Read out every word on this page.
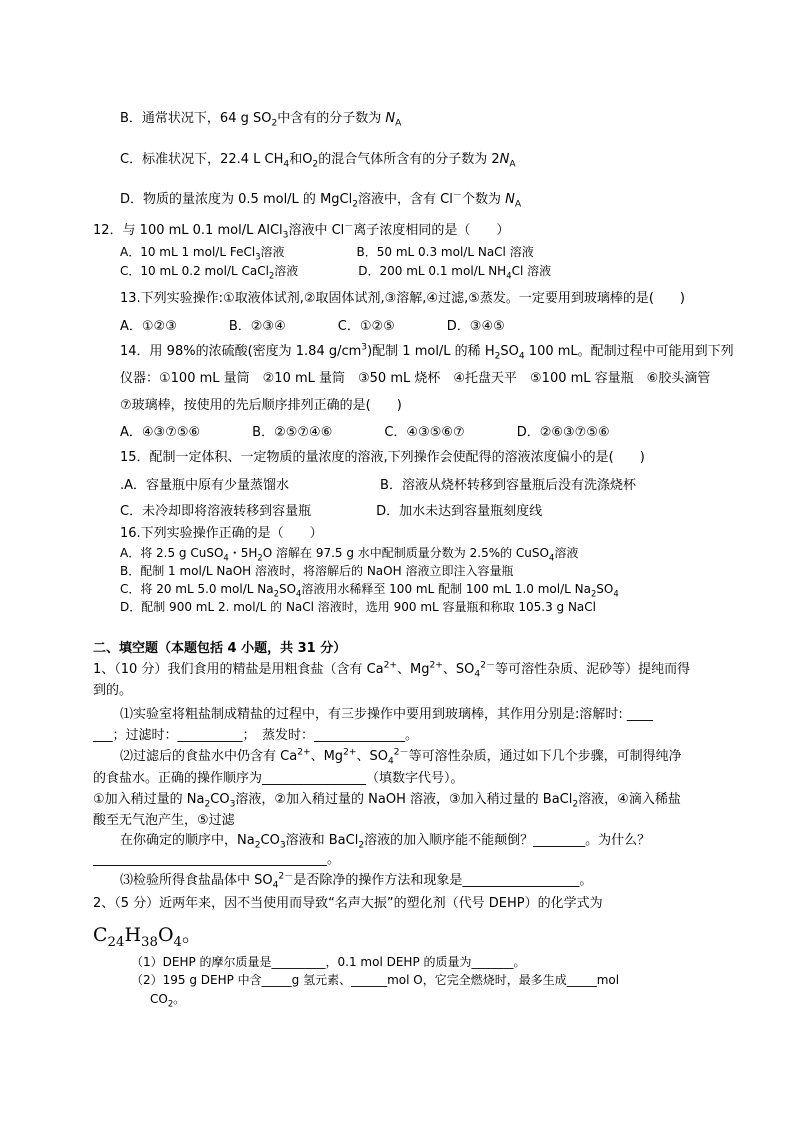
B．通常状况下，64 g $SO_2$中含有的分子数为 $N_A$
C．标准状况下，22.4 L $CH_4$和$O_2$的混合气体所含有的分子数为 $2N_A$
D．物质的量浓度为 0.5 mol/L 的 MgCl$_2$溶液中，含有 Cl－个数为 $N_A$
12．与 100 mL 0.1 mol/L AlCl$_3$溶液中 Cl－离子浓度相同的是（　　）
A．10 mL 1 mol/L FeCl$_3$溶液　　　　　　B．50 mL 0.3 mol/L NaCl 溶液
C．10 mL 0.2 mol/L CaCl$_2$溶液　　　　　D．200 mL 0.1 mol/L $NH_4Cl$ 溶液
13.下列实验操作:①取液体试剂,②取固体试剂,③溶解,④过滤,⑤蒸发。一定要用到玻璃棒的是(　　)
A．①②③　　　　B．②③④　　　　C．①②⑤　　　　D．③④⑤
14．用 98%的浓硫酸(密度为 1.84 $g/cm^3$)配制 1 mol/L 的稀 $H_2SO_4$ 100 mL。配制过程中可能用到下列
仪器：①100 mL 量筒　②10 mL 量筒　③50 mL 烧杯　④托盘天平　⑤100 mL 容量瓶　⑥胶头滴管
⑦玻璃棒，按使用的先后顺序排列正确的是(　　)
A．④③⑦⑤⑥　　　　B．②⑤⑦④⑥　　　　C．④③⑤⑥⑦　　　　D．②⑥③⑦⑤⑥
15．配制一定体积、一定物质的量浓度的溶液,下列操作会使配得的溶液浓度偏小的是(　　)
.A．容量瓶中原有少量蒸馏水　　　　　　　B．溶液从烧杯转移到容量瓶后没有洗涤烧杯
C．未冷却即将溶液转移到容量瓶　　　　　D．加水未达到容量瓶刻度线
16.下列实验操作正确的是（　　）
A．将 2.5 g CuSO$_4$・$5H_2O$ 溶解在 97.5 g 水中配制质量分数为 2.5%的 CuSO$_4$溶液
B．配制 1 mol/L NaOH 溶液时，将溶解后的 NaOH 溶液立即注入容量瓶
C．将 20 mL 5.0 mol/L $Na_2SO_4$溶液用水稀释至 100 mL 配制 100 mL 1.0 mol/L $Na_2SO_4$
D．配制 900 mL 2. mol/L 的 NaCl 溶液时，选用 900 mL 容量瓶和称取 105.3 g NaCl
二、填空题（本题包括 4 小题，共 31 分）
1、（10 分）我们食用的精盐是用粗食盐（含有 $Ca^{2+}$、$Mg^{2+}$、$SO_4^{2-}$等可溶性杂质、泥砂等）提纯而得
到的。
⑴实验室将粗盐制成精盐的过程中，有三步操作中要用到玻璃棒，其作用分别是:溶解时: ____
___；过滤时：__________；　蒸发时：______________。
⑵过滤后的食盐水中仍含有 $Ca^{2+}$、$Mg^{2+}$、$SO_4^{2-}$等可溶性杂质，通过如下几个步骤，可制得纯净
的食盐水。正确的操作顺序为________________（填数字代号）。
①加入稍过量的 $Na_2CO_3$溶液，②加入稍过量的 NaOH 溶液，③加入稍过量的 BaCl$_2$溶液，④滴入稀盐
酸至无气泡产生，⑤过滤
在你确定的顺序中，$Na_2CO_3$溶液和 BaCl$_2$溶液的加入顺序能不能颠倒？________。为什么？
____________________________________。
⑶检验所得食盐晶体中 $SO_4^{2-}$是否除净的操作方法和现象是__________________。
2、（5 分）近两年来，因不当使用而导致“名声大振”的塑化剂（代号 DEHP）的化学式为
$C_{24}H_{38}O_4$。
（1）DEHP 的摩尔质量是_________，0.1 mol DEHP 的质量为_______。
（2）195 g DEHP 中含_____g 氢元素、______mol O，它完全燃烧时，最多生成_____mol
$CO_2$。
